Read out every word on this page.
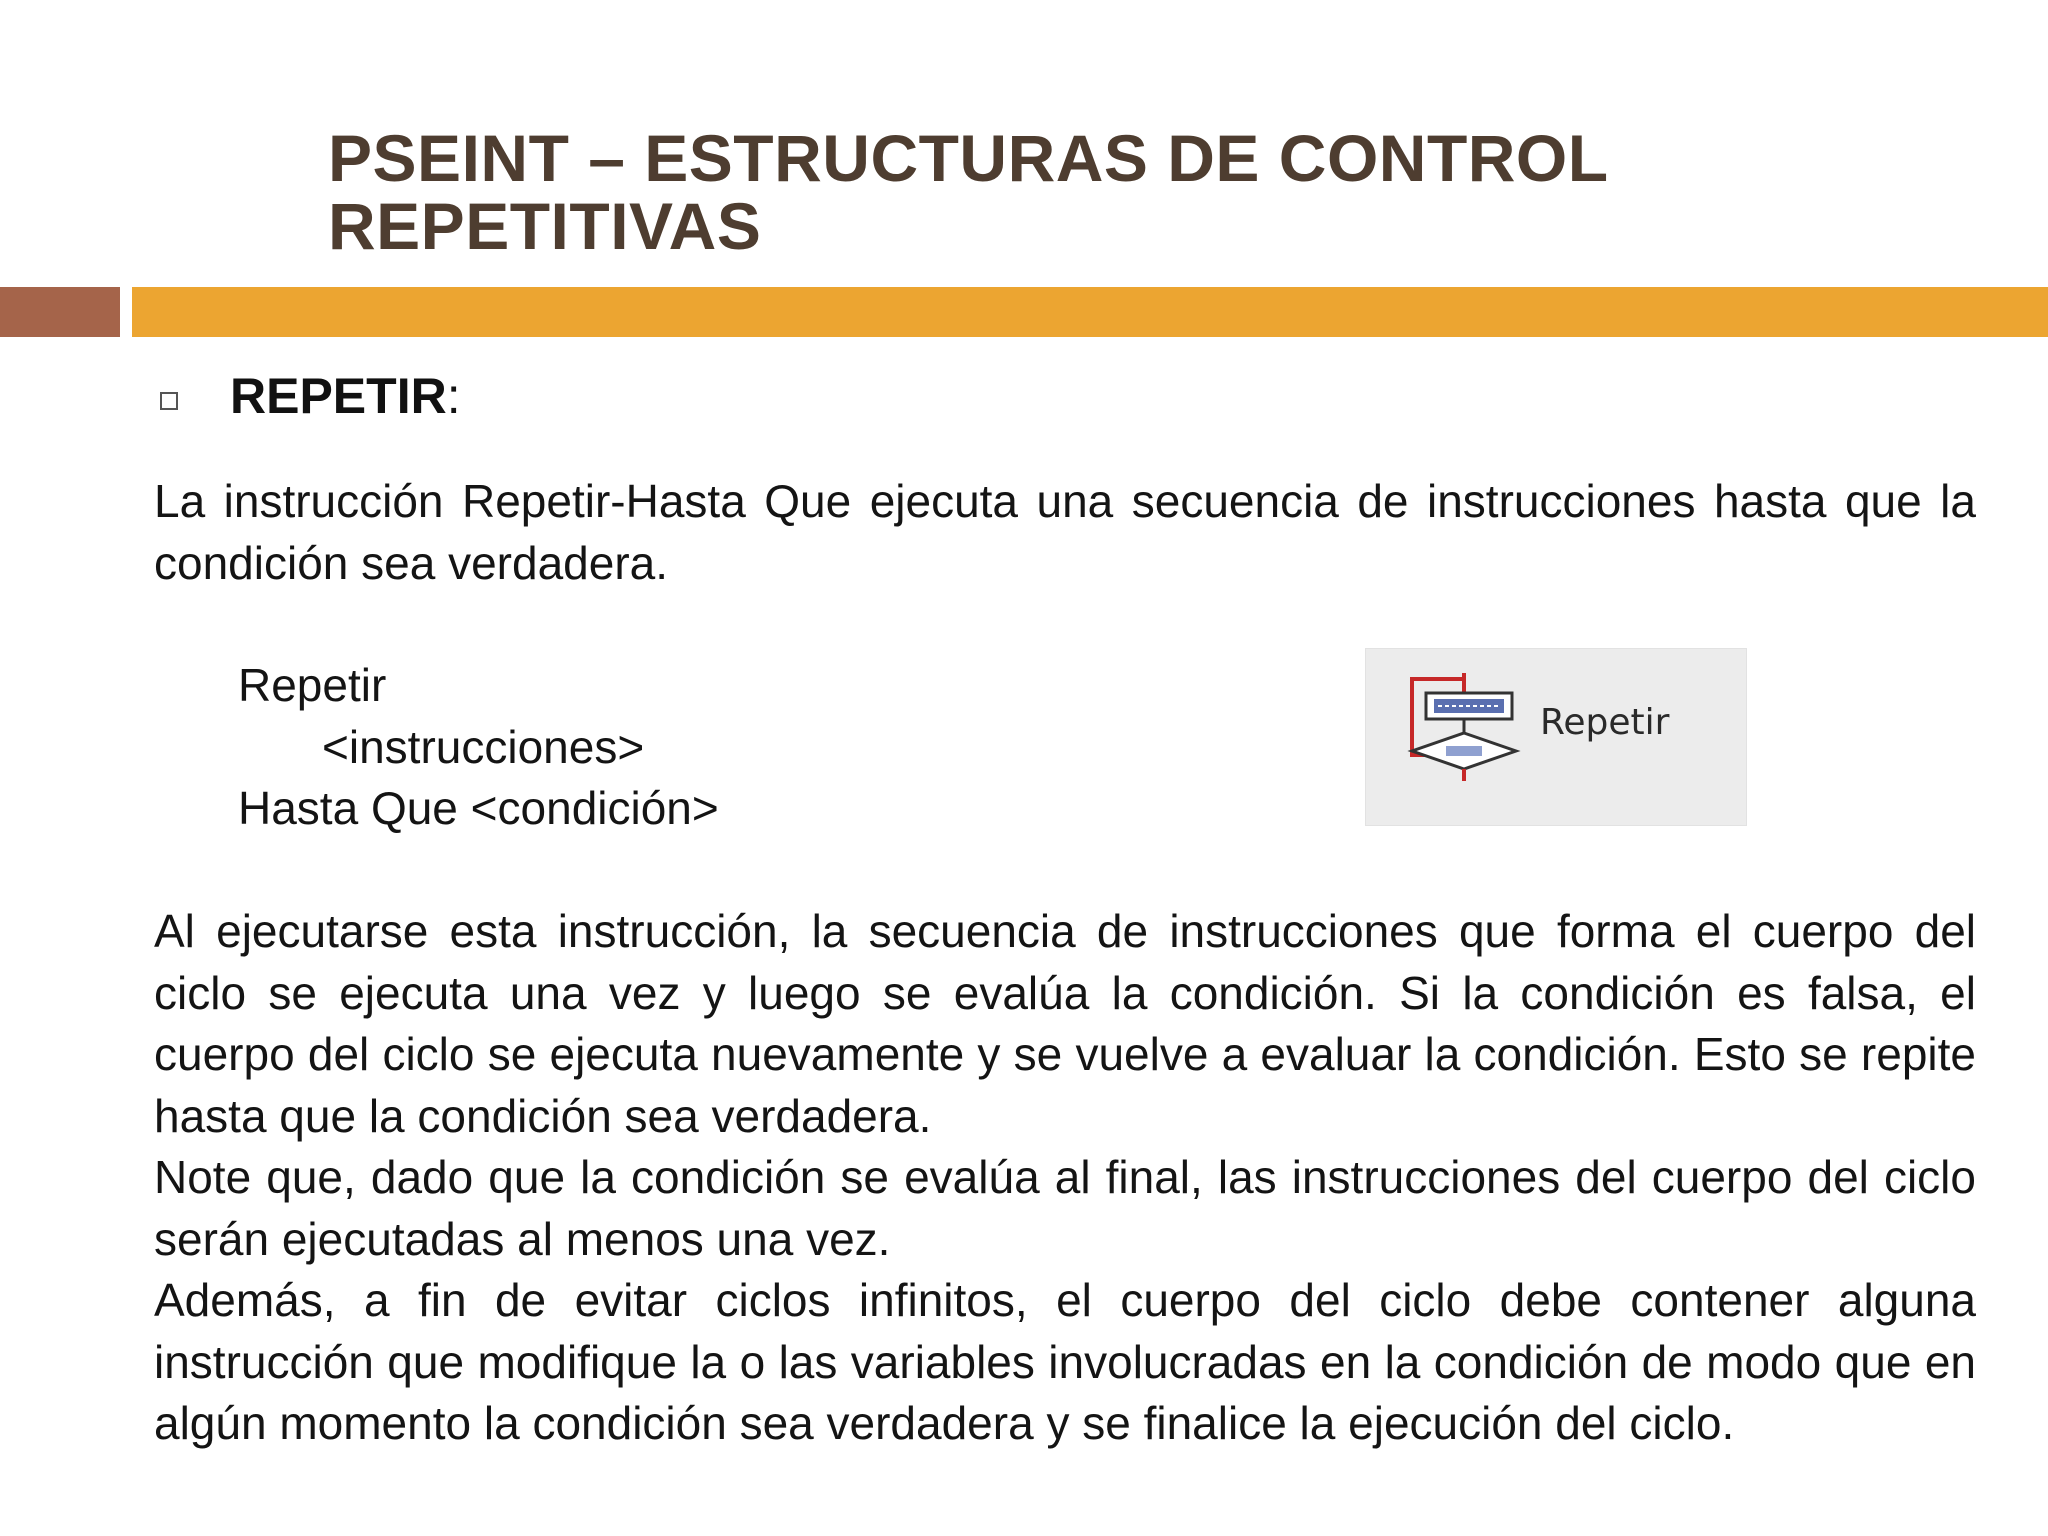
PSEINT – ESTRUCTURAS DE CONTROL
REPETITIVAS
REPETIR:

La instrucción Repetir-Hasta Que ejecuta una secuencia de instrucciones hasta que la condición sea verdadera.

Repetir
<instrucciones>
Hasta Que <condición>
Repetir

Al ejecutarse esta instrucción, la secuencia de instrucciones que forma el cuerpo del ciclo se ejecuta una vez y luego se evalúa la condición. Si la condición es falsa, el cuerpo del ciclo se ejecuta nuevamente y se vuelve a evaluar la condición. Esto se repite hasta que la condición sea verdadera.
Note que, dado que la condición se evalúa al final, las instrucciones del cuerpo del ciclo serán ejecutadas al menos una vez.
Además, a fin de evitar ciclos infinitos, el cuerpo del ciclo debe contener alguna instrucción que modifique la o las variables involucradas en la condición de modo que en algún momento la condición sea verdadera y se finalice la ejecución del ciclo.
